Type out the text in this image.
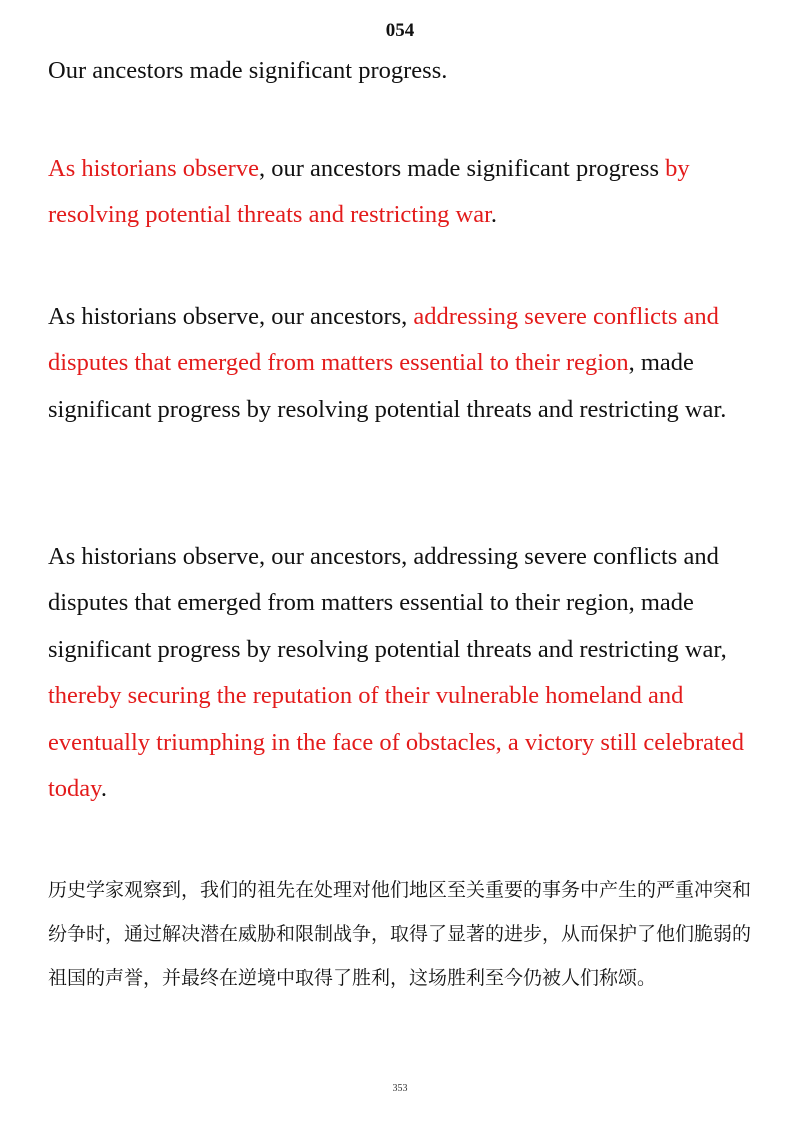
054

Our ancestors made significant progress.

As historians observe, our ancestors made significant progress by resolving potential threats and restricting war.

As historians observe, our ancestors, addressing severe conflicts and disputes that emerged from matters essential to their region, made significant progress by resolving potential threats and restricting war.

As historians observe, our ancestors, addressing severe conflicts and disputes that emerged from matters essential to their region, made significant progress by resolving potential threats and restricting war, thereby securing the reputation of their vulnerable homeland and eventually triumphing in the face of obstacles, a victory still celebrated today.

历史学家观察到，我们的祖先在处理对他们地区至关重要的事务中产生的严重冲突和纷争时，通过解决潜在威胁和限制战争，取得了显著的进步，从而保护了他们脆弱的祖国的声誉，并最终在逆境中取得了胜利，这场胜利至今仍被人们称颂。

353
